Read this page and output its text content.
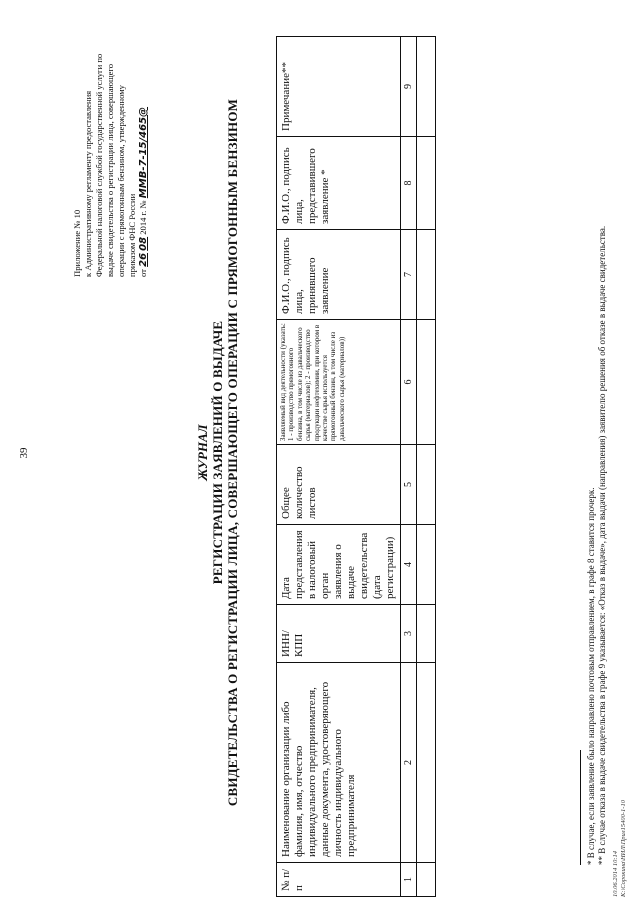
39
Приложение № 10 к Административному регламенту предоставления Федеральной налоговой службой государственной услуги по выдаче свидетельства о регистрации лица, совершающего операции с прямогонным бензином, утвержденному приказом ФНС России от 26 08 2014 г. № ММВ-7-15/465@
ЖУРНАЛ РЕГИСТРАЦИИ ЗАЯВЛЕНИЙ О ВЫДАЧЕ СВИДЕТЕЛЬСТВА О РЕГИСТРАЦИИ ЛИЦА, СОВЕРШАЮЩЕГО ОПЕРАЦИИ С ПРЯМОГОННЫМ БЕНЗИНОМ
№ п/п	Наименование организации либо фамилия, имя, отчество индивидуального предпринимателя, данные документа, удостоверяющего личность индивидуального предпринимателя	ИНН/ КПП	Дата представления в налоговый орган заявления о выдаче свидетельства (дата регистрации)	Общее количество листов	Заявляемый вид деятельности (указать: 1 - производство прямогонного бензина, в том числе из давальческого сырья (материалов); 2 - производство продукции нефтехимии, при котором в качестве сырья используется прямогонный бензин, в том числе из давальческого сырья (материалов))	Ф.И.О., подпись лица, принявшего заявление	Ф.И.О., подпись лица, представившего заявление *	Примечание**
1	2	3	4	5	6	7	8	9

* В случае, если заявление было направлено почтовым отправлением, в графе 8 ставится прочерк. ** В случае отказа в выдаче свидетельства в графе 9 указывается: «Отказ в выдаче», дата выдачи (направления) заявителю решения об отказе в выдаче свидетельства.
10.06.2014 10:14 К:\Сорокина\НИЛ\Прил15400-1-10
